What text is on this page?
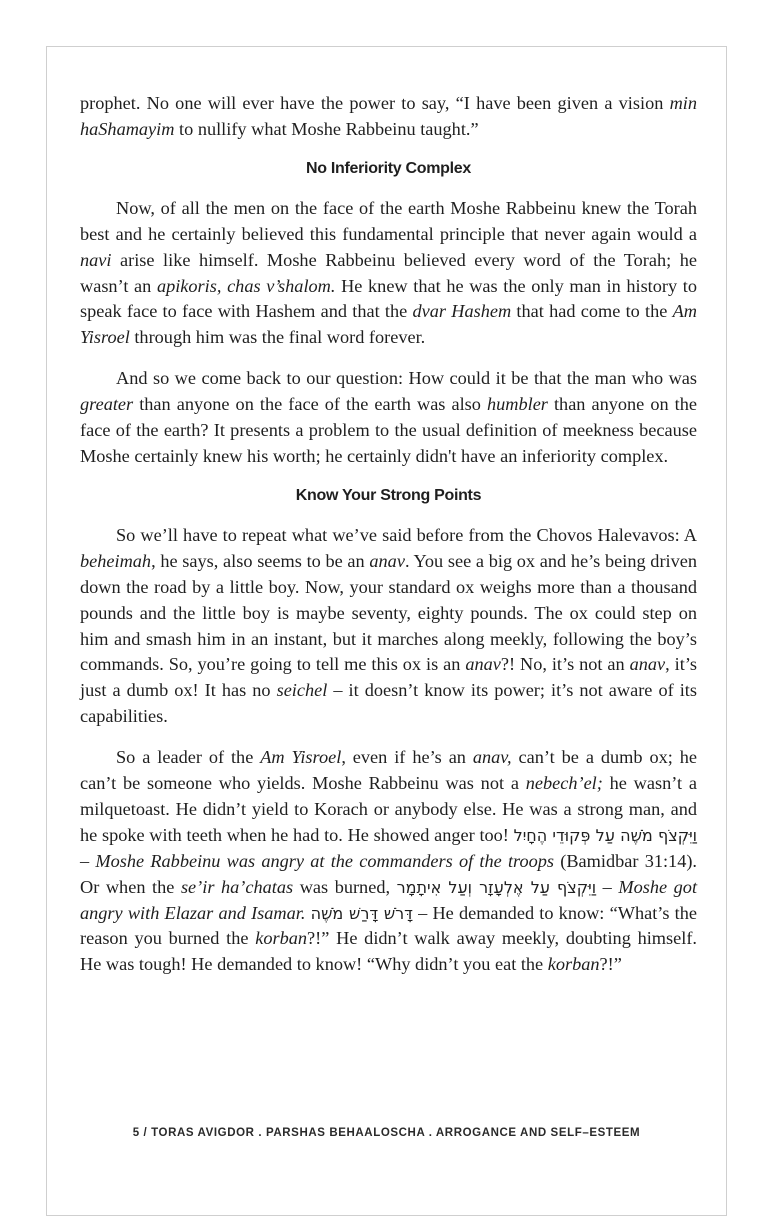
prophet. No one will ever have the power to say, “I have been given a vision min haShamayim to nullify what Moshe Rabbeinu taught.”

No Inferiority Complex

Now, of all the men on the face of the earth Moshe Rabbeinu knew the Torah best and he certainly believed this fundamental principle that never again would a navi arise like himself. Moshe Rabbeinu believed every word of the Torah; he wasn’t an apikoris, chas v’shalom. He knew that he was the only man in history to speak face to face with Hashem and that the dvar Hashem that had come to the Am Yisroel through him was the final word forever.

And so we come back to our question: How could it be that the man who was greater than anyone on the face of the earth was also humbler than anyone on the face of the earth? It presents a problem to the usual definition of meekness because Moshe certainly knew his worth; he certainly didn't have an inferiority complex.

Know Your Strong Points

So we’ll have to repeat what we’ve said before from the Chovos Halevavos: A beheimah, he says, also seems to be an anav. You see a big ox and he’s being driven down the road by a little boy. Now, your standard ox weighs more than a thousand pounds and the little boy is maybe seventy, eighty pounds. The ox could step on him and smash him in an instant, but it marches along meekly, following the boy’s commands. So, you’re going to tell me this ox is an anav?! No, it’s not an anav, it’s just a dumb ox! It has no seichel – it doesn’t know its power; it’s not aware of its capabilities.

So a leader of the Am Yisroel, even if he’s an anav, can’t be a dumb ox; he can’t be someone who yields. Moshe Rabbeinu was not a nebech’el; he wasn’t a milquetoast. He didn’t yield to Korach or anybody else. He was a strong man, and he spoke with teeth when he had to. He showed anger too! וַיִּקְצֹף מֹשֶׁה עַל פְּקוּדֵי הֶחָיִל – Moshe Rabbeinu was angry at the commanders of the troops (Bamidbar 31:14). Or when the se’ir ha’chatas was burned, וַיִּקְצֹף עַל אֶלְעָזָר וְעַל אִיתָמָר – Moshe got angry with Elazar and Isamar. דָּרֹשׁ דָּרַשׁ מֹשֶׁה – He demanded to know: “What’s the reason you burned the korban?!” He didn’t walk away meekly, doubting himself. He was tough! He demanded to know! “Why didn’t you eat the korban?!”

5 / TORAS AVIGDOR . PARSHAS BEHAALOSCHA . ARROGANCE AND SELF–ESTEEM
